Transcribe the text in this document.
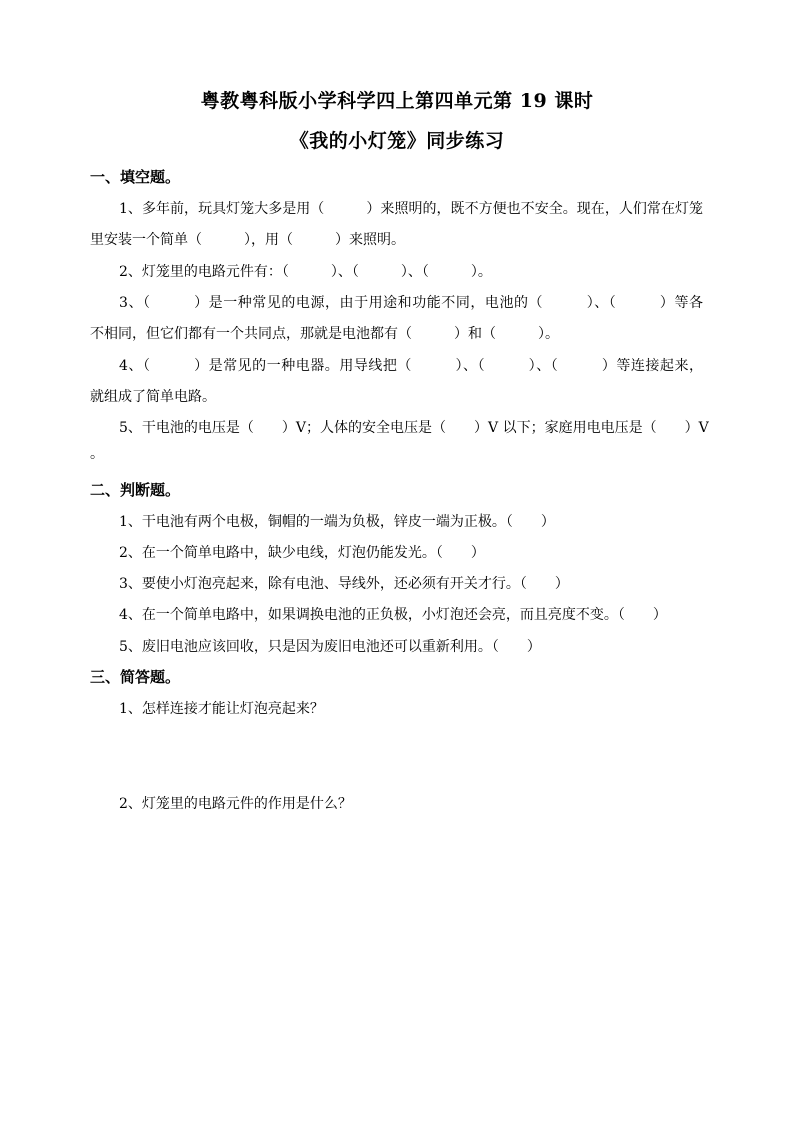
粤教粤科版小学科学四上第四单元第 19 课时
《我的小灯笼》同步练习
一、填空题。
1、多年前，玩具灯笼大多是用（　　　）来照明的，既不方便也不安全。现在，人们常在灯笼
里安装一个简单（　　　），用（　　　）来照明。
2、灯笼里的电路元件有：（　　　）、（　　　）、（　　　）。
3、（　　　）是一种常见的电源，由于用途和功能不同，电池的（　　　）、（　　　）等各
不相同，但它们都有一个共同点，那就是电池都有（　　　）和（　　　）。
4、（　　　）是常见的一种电器。用导线把（　　　）、（　　　）、（　　　）等连接起来，
就组成了简单电路。
5、干电池的电压是（　　）V；人体的安全电压是（　　）V 以下；家庭用电电压是（　　）V
。
二、判断题。
1、干电池有两个电极，铜帽的一端为负极，锌皮一端为正极。（　　）
2、在一个简单电路中，缺少电线，灯泡仍能发光。（　　）
3、要使小灯泡亮起来，除有电池、导线外，还必须有开关才行。（　　）
4、在一个简单电路中，如果调换电池的正负极，小灯泡还会亮，而且亮度不变。（　　）
5、废旧电池应该回收，只是因为废旧电池还可以重新利用。（　　）
三、简答题。
1、怎样连接才能让灯泡亮起来？
2、灯笼里的电路元件的作用是什么？
